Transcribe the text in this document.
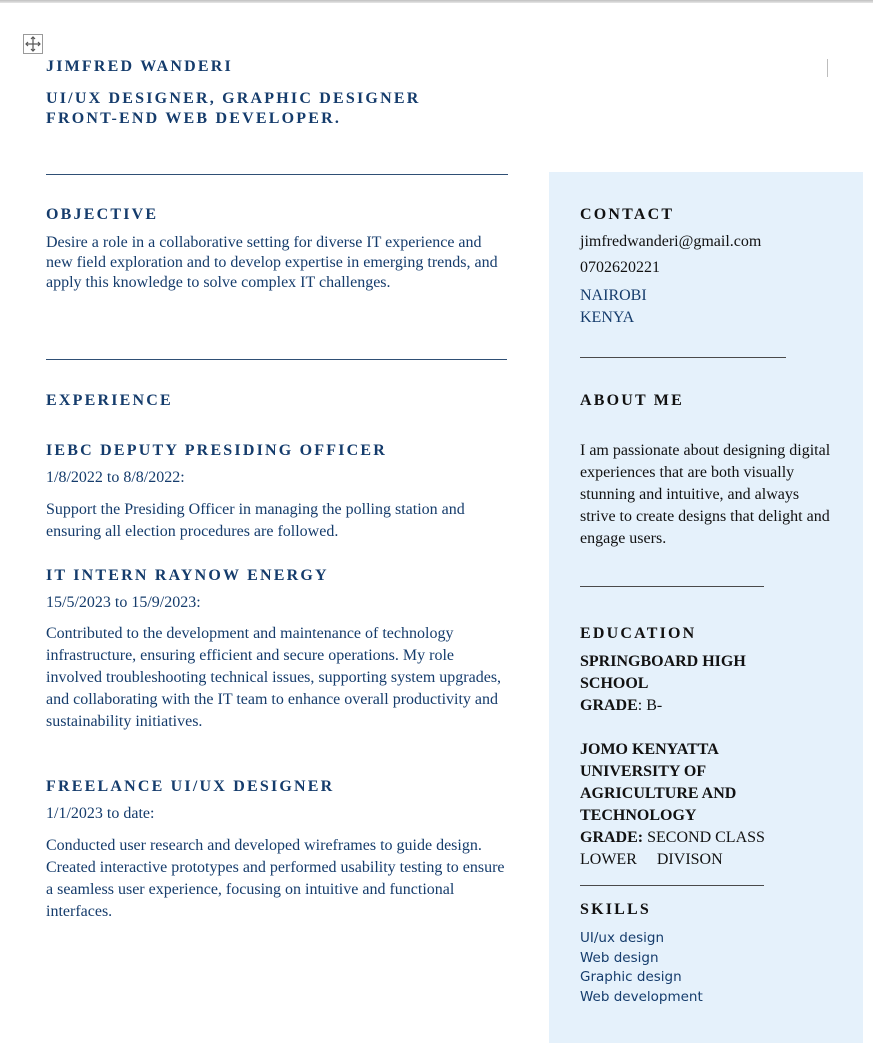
JIMFRED WANDERI
UI/UX DESIGNER, GRAPHIC DESIGNER
FRONT-END WEB DEVELOPER.
OBJECTIVE

Desire a role in a collaborative setting for diverse IT experience and new field exploration and to develop expertise in emerging trends, and apply this knowledge to solve complex IT challenges.

EXPERIENCE
IEBC DEPUTY PRESIDING OFFICER
1/8/2022 to 8/8/2022:

Support the Presiding Officer in managing the polling station and ensuring all election procedures are followed.

IT INTERN RAYNOW ENERGY
15/5/2023 to 15/9/2023:

Contributed to the development and maintenance of technology infrastructure, ensuring efficient and secure operations. My role involved troubleshooting technical issues, supporting system upgrades, and collaborating with the IT team to enhance overall productivity and sustainability initiatives.

FREELANCE UI/UX DESIGNER
1/1/2023 to date:

Conducted user research and developed wireframes to guide design. Created interactive prototypes and performed usability testing to ensure a seamless user experience, focusing on intuitive and functional interfaces.

CONTACT
jimfredwanderi@gmail.com
0702620221
NAIROBI
KENYA
ABOUT ME

I am passionate about designing digital experiences that are both visually stunning and intuitive, and always strive to create designs that delight and engage users.

EDUCATION
SPRINGBOARD HIGH SCHOOL
GRADE: B-
JOMO KENYATTA UNIVERSITY OF AGRICULTURE AND TECHNOLOGY
GRADE: SECOND CLASS LOWER     DIVISON
SKILLS
UI/ux design
Web design
Graphic design
Web development
